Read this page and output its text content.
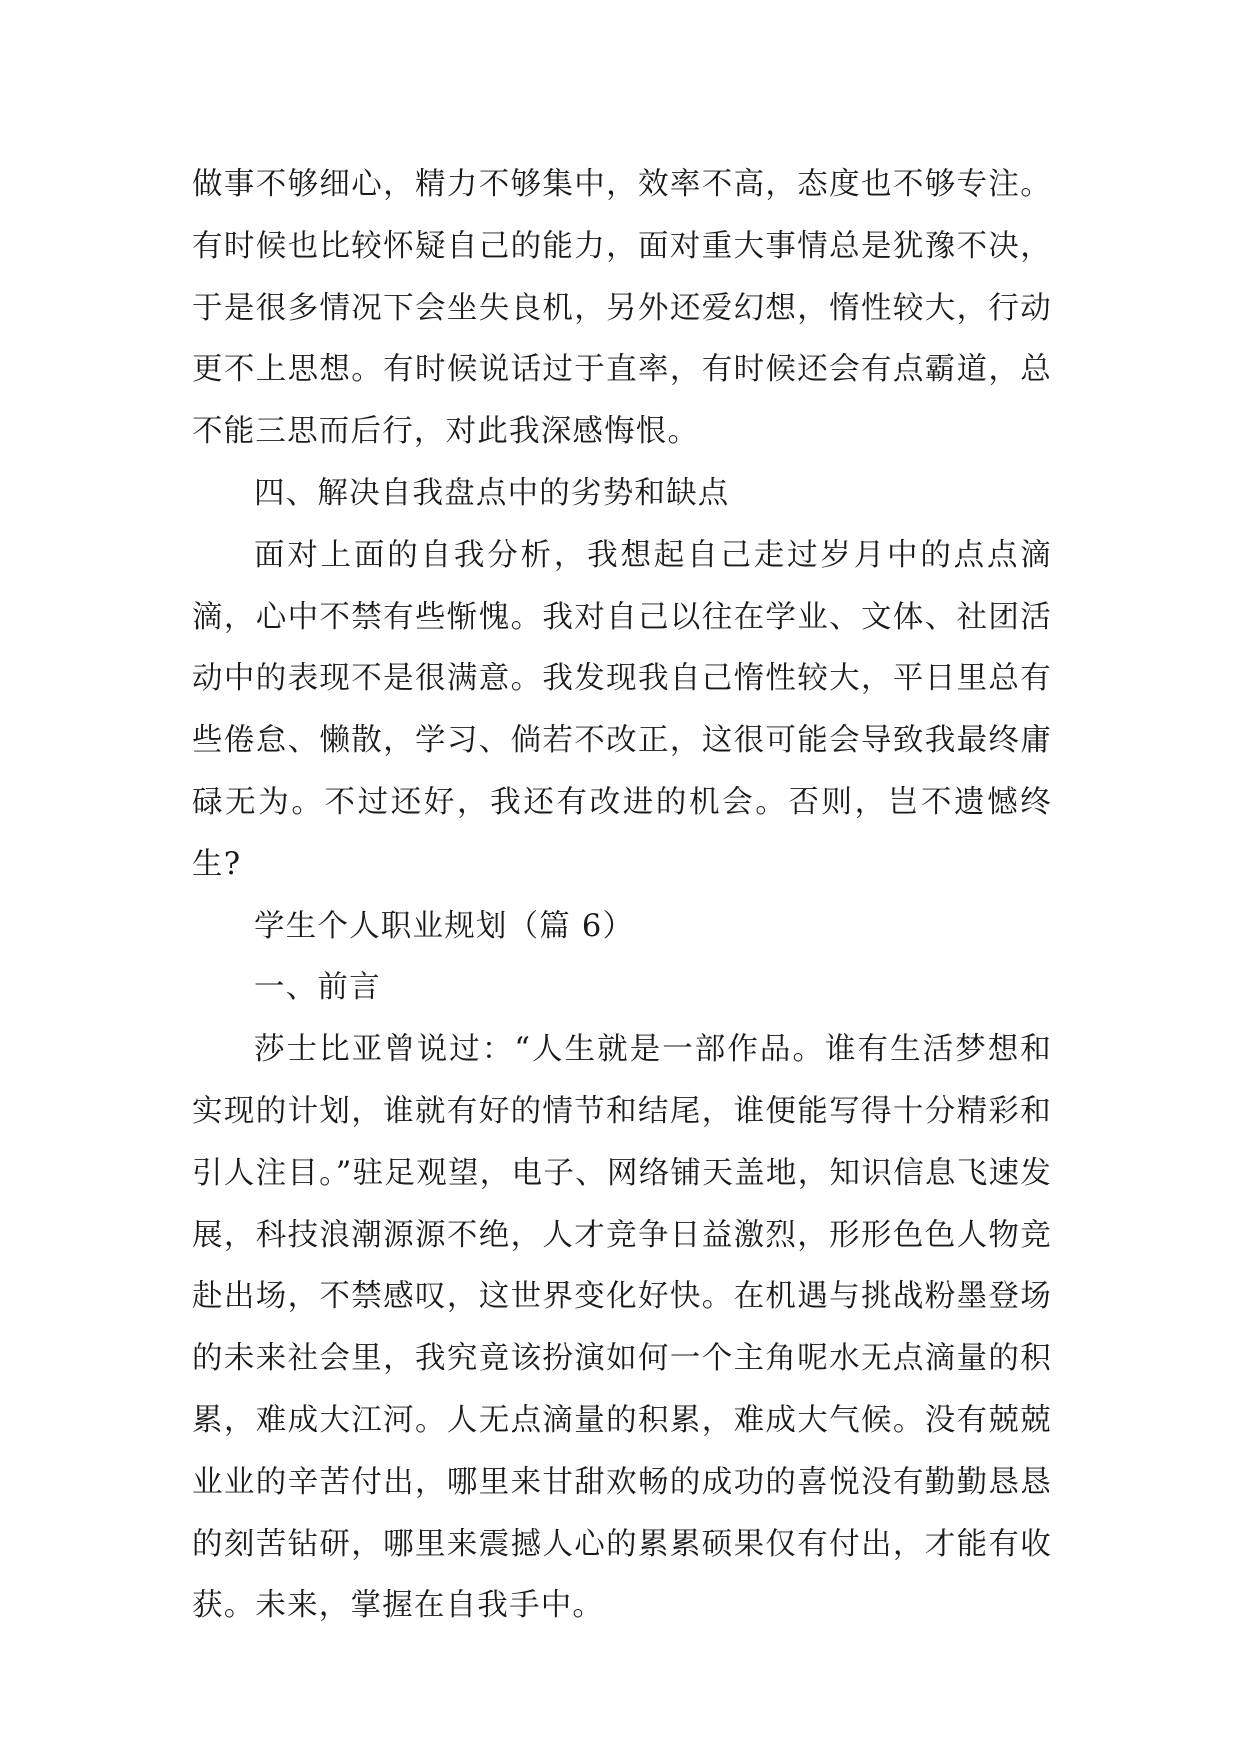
做事不够细心，精力不够集中，效率不高，态度也不够专注。有时候也比较怀疑自己的能力，面对重大事情总是犹豫不决，于是很多情况下会坐失良机，另外还爱幻想，惰性较大，行动更不上思想。有时候说话过于直率，有时候还会有点霸道，总不能三思而后行，对此我深感悔恨。

四、解决自我盘点中的劣势和缺点

面对上面的自我分析，我想起自己走过岁月中的点点滴滴，心中不禁有些惭愧。我对自己以往在学业、文体、社团活动中的表现不是很满意。我发现我自己惰性较大，平日里总有些倦怠、懒散，学习、倘若不改正，这很可能会导致我最终庸碌无为。不过还好，我还有改进的机会。否则，岂不遗憾终生?

学生个人职业规划（篇 6）

一、前言

莎士比亚曾说过：“人生就是一部作品。谁有生活梦想和实现的计划，谁就有好的情节和结尾，谁便能写得十分精彩和引人注目。”驻足观望，电子、网络铺天盖地，知识信息飞速发展，科技浪潮源源不绝，人才竞争日益激烈，形形色色人物竞赴出场，不禁感叹，这世界变化好快。在机遇与挑战粉墨登场的未来社会里，我究竟该扮演如何一个主角呢水无点滴量的积累，难成大江河。人无点滴量的积累，难成大气候。没有兢兢业业的辛苦付出，哪里来甘甜欢畅的成功的喜悦没有勤勤恳恳的刻苦钻研，哪里来震撼人心的累累硕果仅有付出，才能有收获。未来，掌握在自我手中。
